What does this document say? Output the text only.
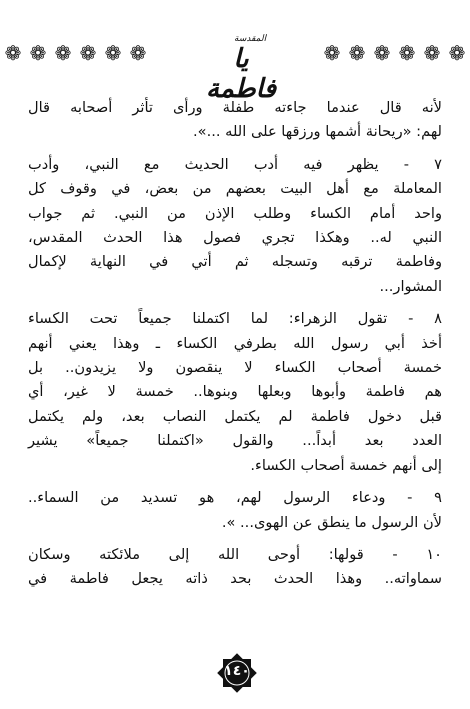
❁ ❁ ❁ ❁ ❁ ❁
المقدسة
يا فاطمة
❁ ❁ ❁ ❁ ❁ ❁

لأنه قال عندما جاءته طفلة ورأى تأثر أصحابه قال
لهم: «ريحانة أشمها ورزقها على الله ...».

٧ - يظهر فيه أدب الحديث مع النبي، وأدب
المعاملة مع أهل البيت بعضهم من بعض، في وقوف كل
واحد أمام الكساء وطلب الإذن من النبي. ثم جواب
النبي له.. وهكذا تجري فصول هذا الحدث المقدس،
وفاطمة ترقبه وتسجله ثم أتي في النهاية لإكمال
المشوار...

٨ - تقول الزهراء: لما اكتملنا جميعاً تحت الكساء
أخذ أبي رسول الله بطرفي الكساء ـ وهذا يعني أنهم
خمسة أصحاب الكساء لا ينقصون ولا يزيدون.. بل
هم فاطمة وأبوها وبعلها وبنوها.. خمسة لا غير، أي
قبل دخول فاطمة لم يكتمل النصاب بعد، ولم يكتمل
العدد بعد أبداً... والقول «اكتملنا جميعاً» يشير
إلى أنهم خمسة أصحاب الكساء.

٩ - ودعاء الرسول لهم، هو تسديد من السماء..
لأن الرسول ما ينطق عن الهوى... ».

١٠ - قولها: أوحى الله إلى ملائكته وسكان
سماواته.. وهذا الحدث بحد ذاته يجعل فاطمة في

١٤٠
